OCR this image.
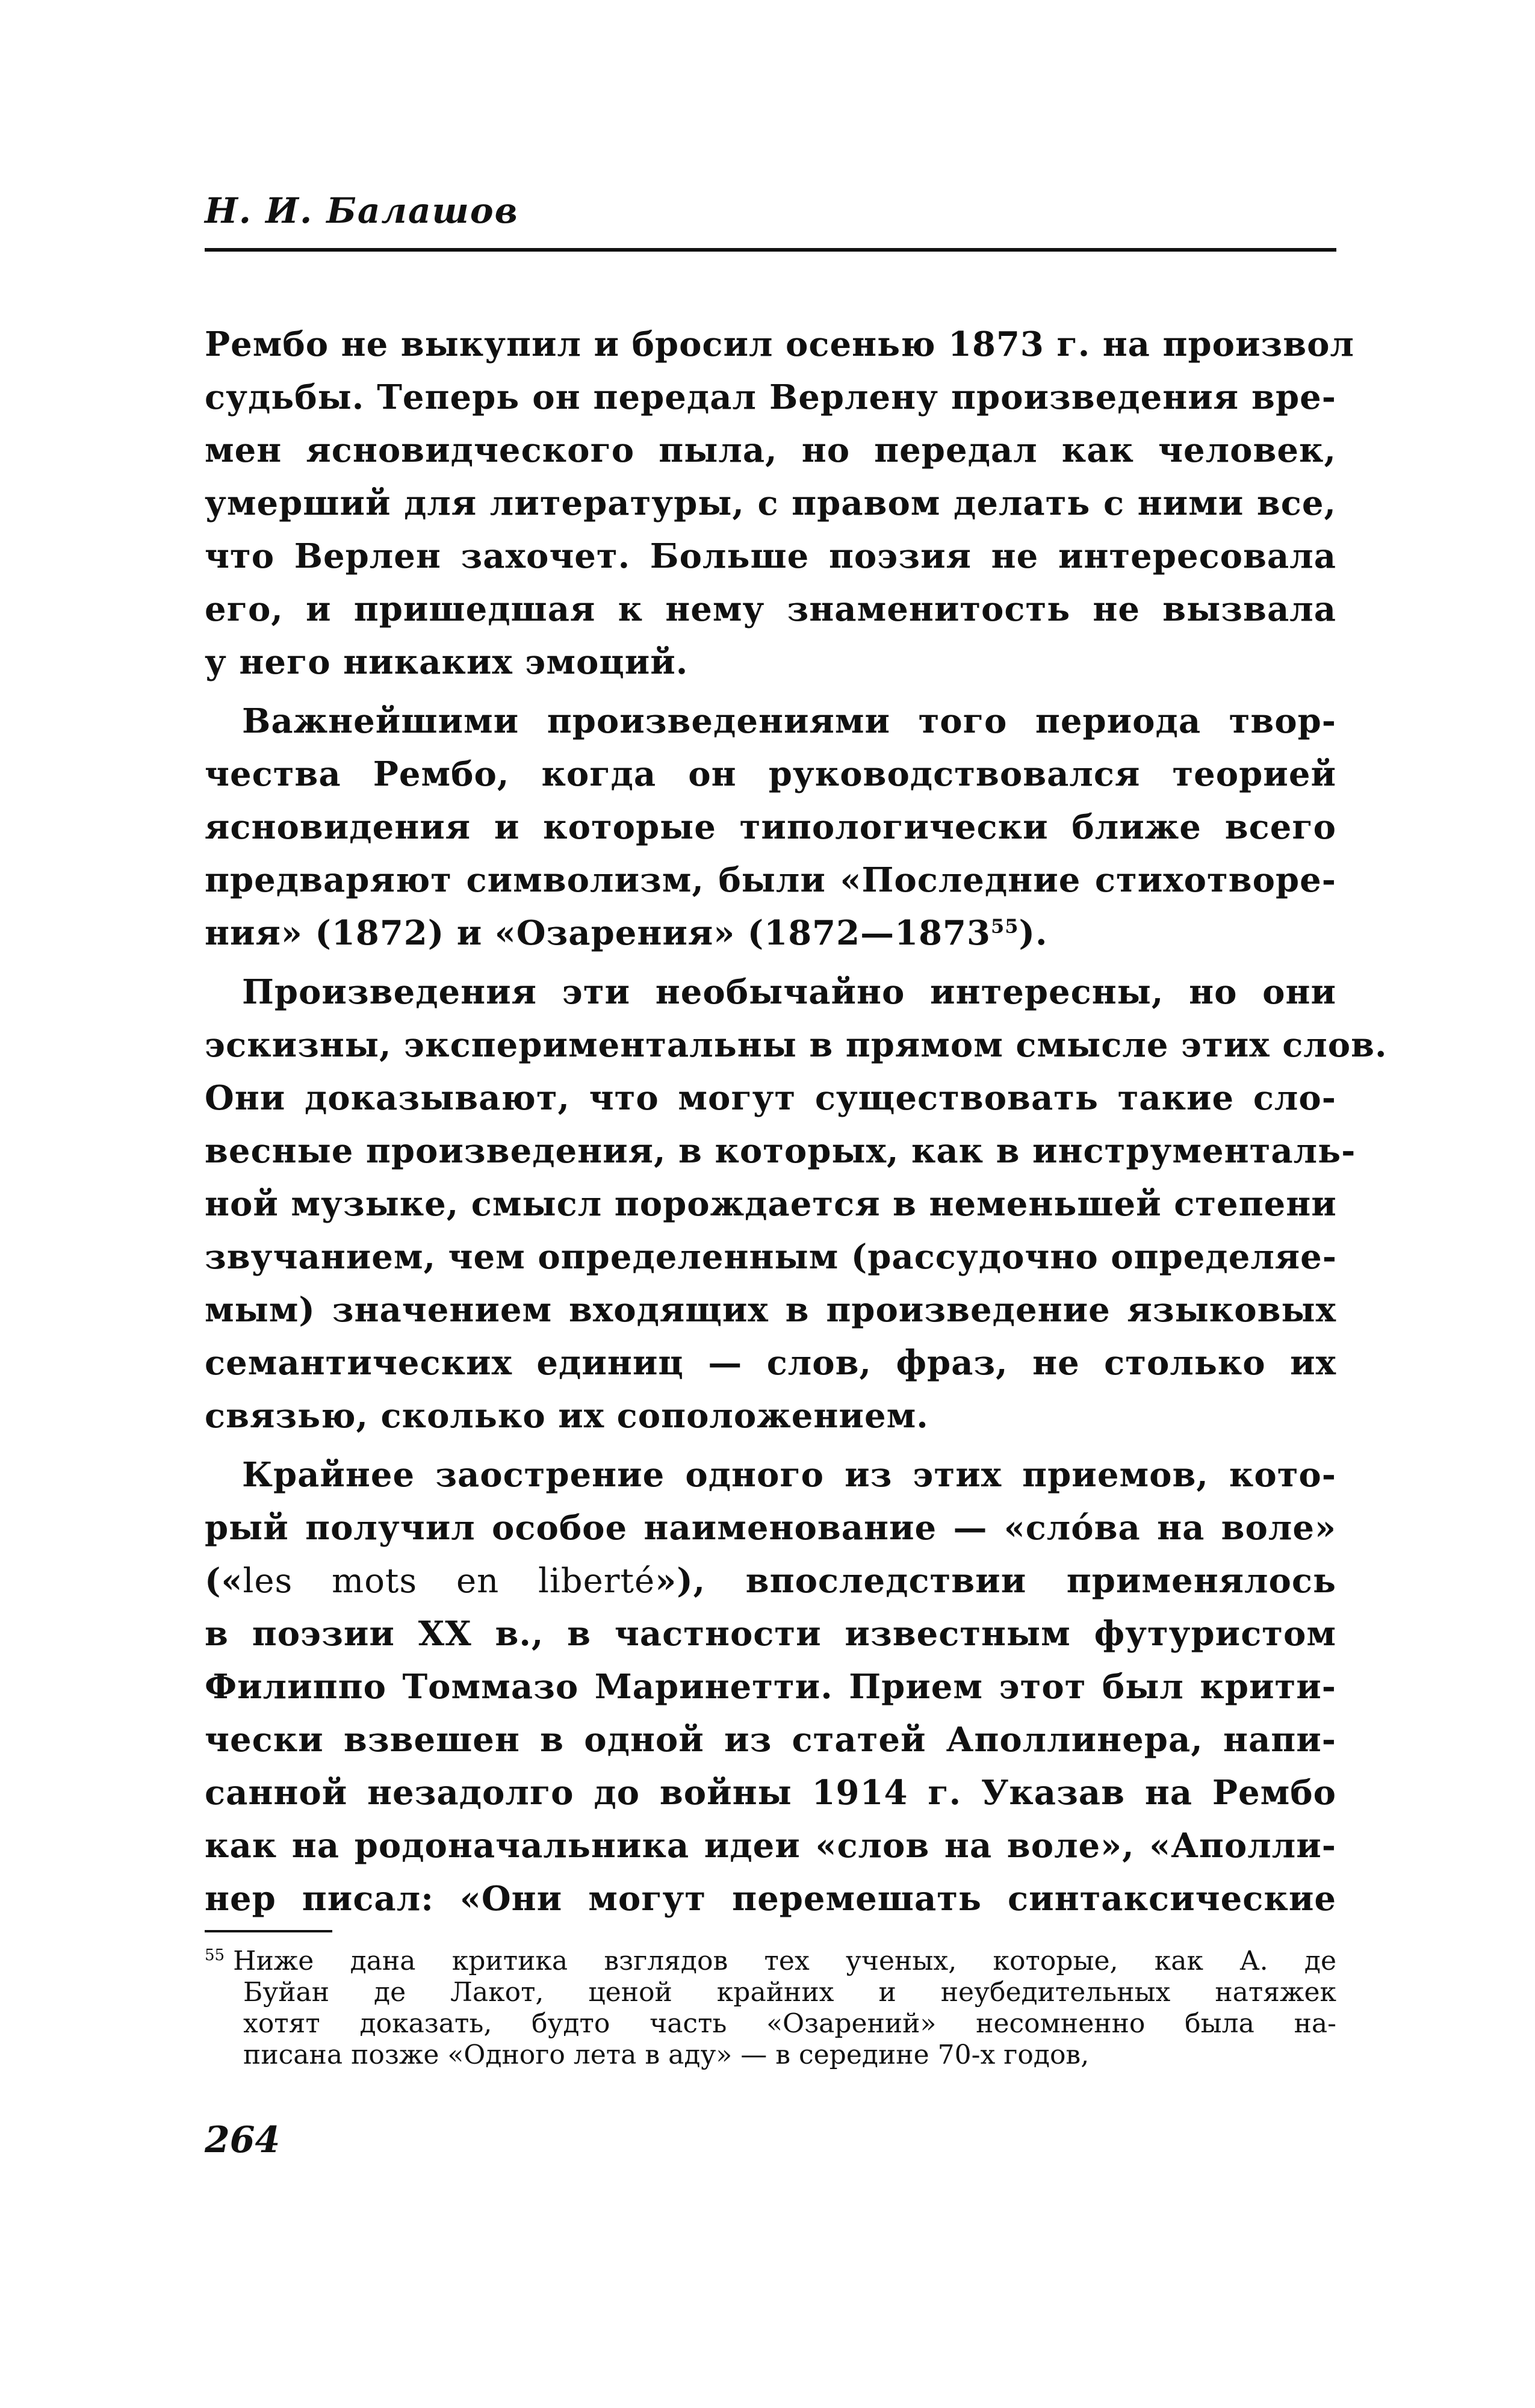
Н. И. Балашов
Рембо не выкупил и бросил осенью 1873 г. на произвол
судьбы. Теперь он передал Верлену произведения вре-
мен ясновидческого пыла, но передал как человек,
умерший для литературы, с правом делать с ними все,
что Верлен захочет. Больше поэзия не интересовала
его, и пришедшая к нему знаменитость не вызвала
у него никаких эмоций.
Важнейшими произведениями того периода твор-
чества Рембо, когда он руководствовался теорией
ясновидения и которые типологически ближе всего
предваряют символизм, были «Последние стихотворе-
ния» (1872) и «Озарения» (1872—1873$^{55}$).
Произведения эти необычайно интересны, но они
эскизны, экспериментальны в прямом смысле этих слов.
Они доказывают, что могут существовать такие сло-
весные произведения, в которых, как в инструменталь-
ной музыке, смысл порождается в неменьшей степени
звучанием, чем определенным (рассудочно определяе-
мым) значением входящих в произведение языковых
семантических единиц — слов, фраз, не столько их
связью, сколько их соположением.
Крайнее заострение одного из этих приемов, кото-
рый получил особое наименование — «сло́ва на воле»
(«les mots en liberté»), впоследствии применялось
в поэзии XX в., в частности известным футуристом
Филиппо Томмазо Маринетти. Прием этот был крити-
чески взвешен в одной из статей Аполлинера, напи-
санной незадолго до войны 1914 г. Указав на Рембо
как на родоначальника идеи «слов на воле», «Аполли-
нер писал: «Они могут перемешать синтаксические
$^{55}$ Ниже дана критика взглядов тех ученых, которые, как А. де
Буйан де Лакот, ценой крайних и неубедительных натяжек
хотят доказать, будто часть «Озарений» несомненно была на-
писана позже «Одного лета в аду» — в середине 70-х годов,
264
